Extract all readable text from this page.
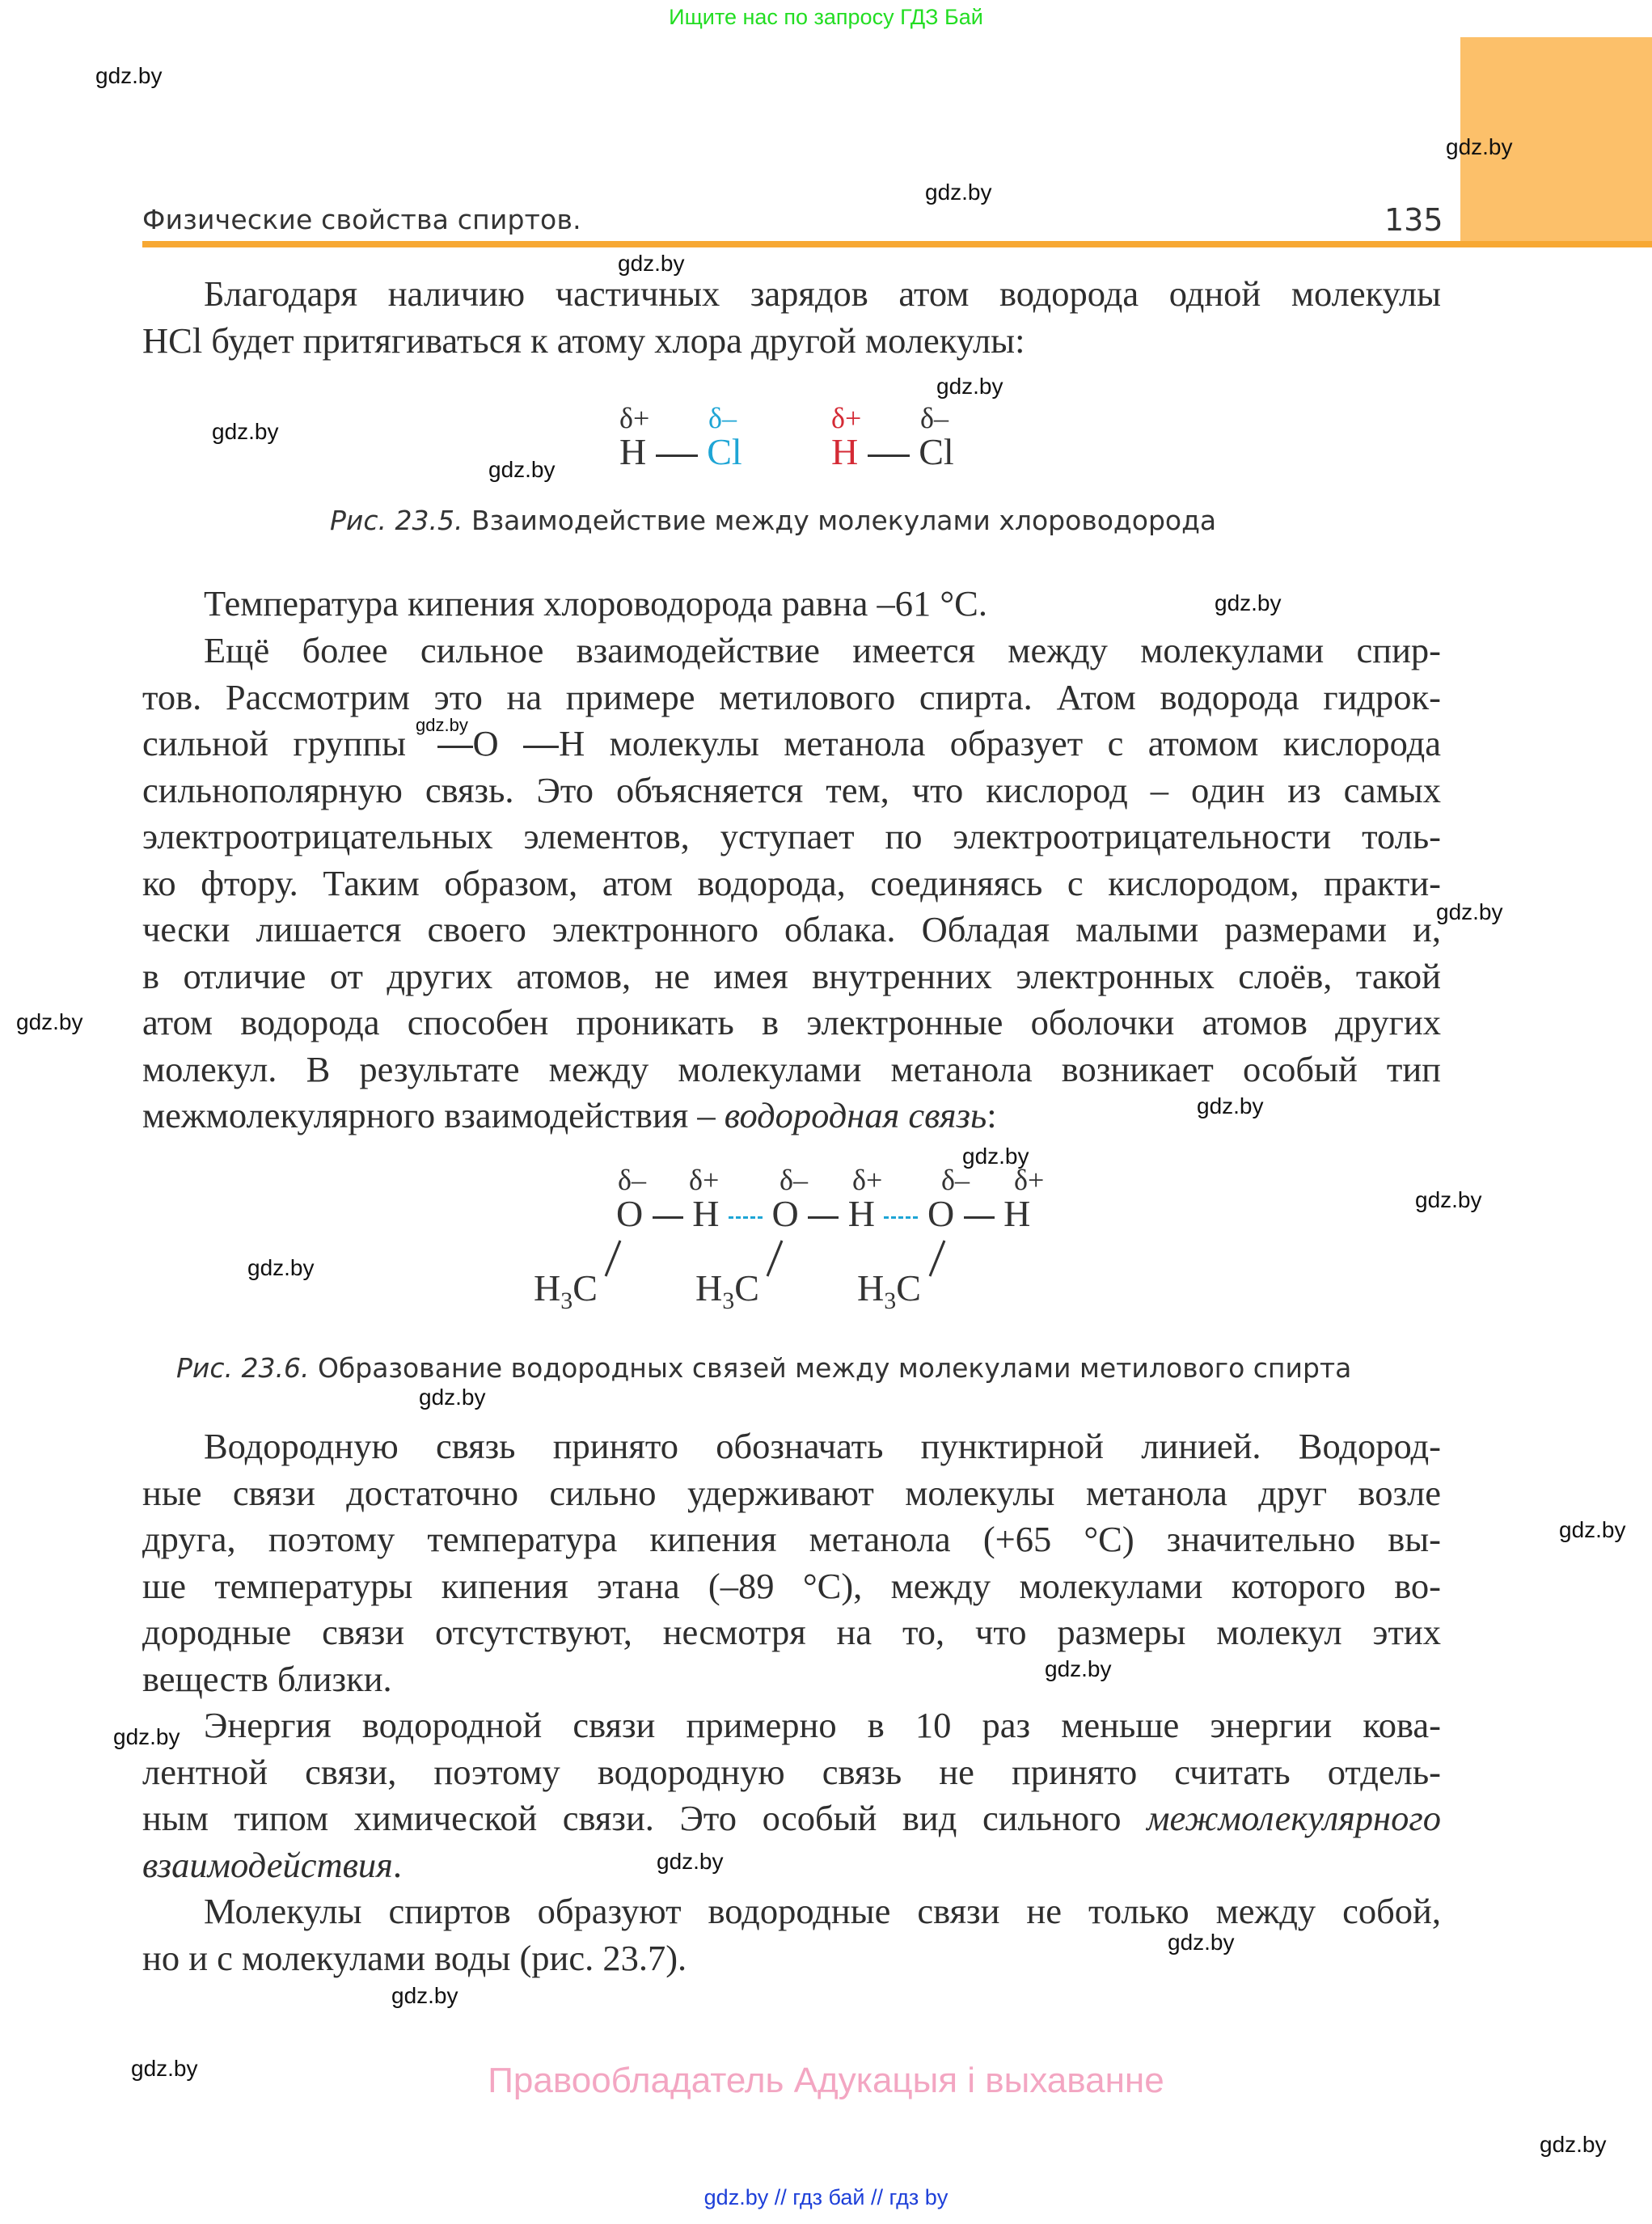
Ищите нас по запросу ГДЗ Бай
Физические свойства спиртов.	135
Благодаря наличию частичных зарядов атом водорода одной молекулы
HCl будет притягиваться к атому хлора другой молекулы:
δ+ δ–	δ+ δ–
H Cl H Cl
Рис. 23.5. Взаимодействие между молекулами хлороводорода
Температура кипения хлороводорода равна –61 °C.
Ещё более сильное взаимодействие имеется между молекулами спир-
тов. Рассмотрим это на примере метилового спирта. Атом водорода гидрок-
сильной группы O H молекулы метанола образует с атомом кислорода
сильнополярную связь. Это объясняется тем, что кислород – один из самых
электроотрицательных элементов, уступает по электроотрицательности толь-
ко фтору. Таким образом, атом водорода, соединяясь с кислородом, практи-
чески лишается своего электронного облака. Обладая малыми размерами и,
в отличие от других атомов, не имея внутренних электронных слоёв, такой
атом водорода способен проникать в электронные оболочки атомов других
молекул. В результате между молекулами метанола возникает особый тип
межмолекулярного взаимодействия – водородная связь:
δ– δ+ δ– δ+ δ– δ+
O H O H O H
$H_3C$	$H_3C$	$H_3C$
Рис. 23.6. Образование водородных связей между молекулами метилового спирта
Водородную связь принято обозначать пунктирной линией. Водород-
ные связи достаточно сильно удерживают молекулы метанола друг возле
друга, поэтому температура кипения метанола (+65 °C) значительно вы-
ше температуры кипения этана (–89 °C), между молекулами которого во-
дородные связи отсутствуют, несмотря на то, что размеры молекул этих
веществ близки.
Энергия водородной связи примерно в 10 раз меньше энергии кова-
лентной связи, поэтому водородную связь не принято считать отдель-
ным типом химической связи. Это особый вид сильного межмолекулярного
взаимодействия.
Молекулы спиртов образуют водородные связи не только между собой,
но и с молекулами воды (рис. 23.7).
gdz.by
gdz.by
gdz.by
gdz.by
gdz.by
gdz.by
gdz.by
gdz.by
gdz.by
gdz.by
gdz.by
gdz.by
gdz.by
gdz.by
gdz.by
gdz.by
gdz.by
gdz.by
gdz.by
gdz.by
gdz.by
gdz.by
gdz.by
gdz.by
Правообладатель Адукацыя і выхаванне
gdz.by // гдз бай // гдз by
